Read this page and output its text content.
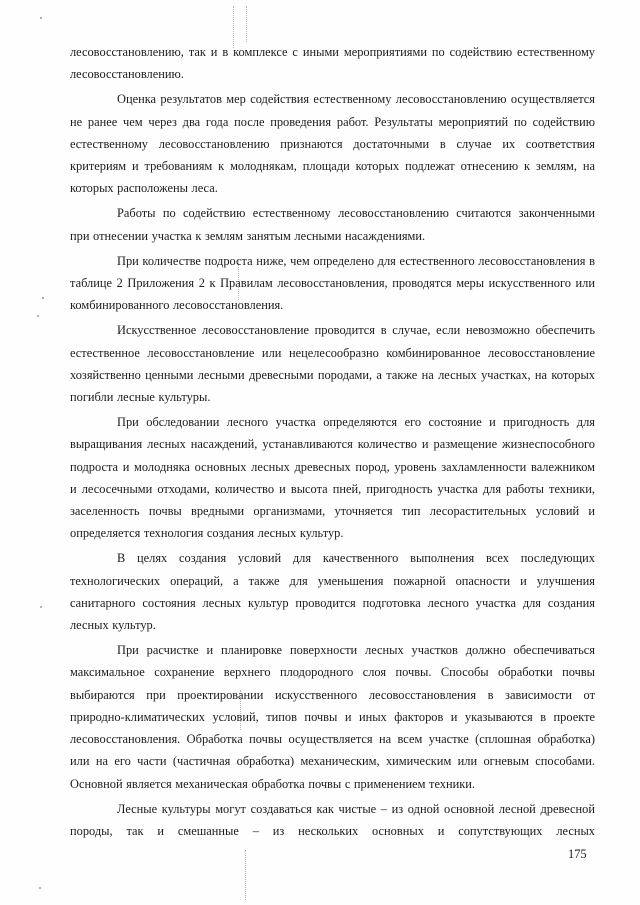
лесовосстановлению, так и в комплексе с иными мероприятиями по содействию естественному лесовосстановлению.

Оценка результатов мер содействия естественному лесовосстановлению осуществляется не ранее чем через два года после проведения работ. Результаты мероприятий по содействию естественному лесовосстановлению признаются достаточными в случае их соответствия критериям и требованиям к молоднякам, площади которых подлежат отнесению к землям, на которых расположены леса.

Работы по содействию естественному лесовосстановлению считаются законченными при отнесении участка к землям занятым лесными насаждениями.

При количестве подроста ниже, чем определено для естественного лесовосстановления в таблице 2 Приложения 2 к Правилам лесовосстановления, проводятся меры искусственного или комбинированного лесовосстановления.

Искусственное лесовосстановление проводится в случае, если невозможно обеспечить естественное лесовосстановление или нецелесообразно комбинированное лесовосстановление хозяйственно ценными лесными древесными породами, а также на лесных участках, на которых погибли лесные культуры.

При обследовании лесного участка определяются его состояние и пригодность для выращивания лесных насаждений, устанавливаются количество и размещение жизнеспособного подроста и молодняка основных лесных древесных пород, уровень захламленности валежником и лесосечными отходами, количество и высота пней, пригодность участка для работы техники, заселенность почвы вредными организмами, уточняется тип лесорастительных условий и определяется технология создания лесных культур.

В целях создания условий для качественного выполнения всех последующих технологических операций, а также для уменьшения пожарной опасности и улучшения санитарного состояния лесных культур проводится подготовка лесного участка для создания лесных культур.

При расчистке и планировке поверхности лесных участков должно обеспечиваться максимальное сохранение верхнего плодородного слоя почвы. Способы обработки почвы выбираются при проектировании искусственного лесовосстановления в зависимости от природно-климатических условий, типов почвы и иных факторов и указываются в проекте лесовосстановления. Обработка почвы осуществляется на всем участке (сплошная обработка) или на его части (частичная обработка) механическим, химическим или огневым способами. Основной является механическая обработка почвы с применением техники.

Лесные культуры могут создаваться как чистые – из одной основной лесной древесной породы, так и смешанные – из нескольких основных и сопутствующих лесных

175
